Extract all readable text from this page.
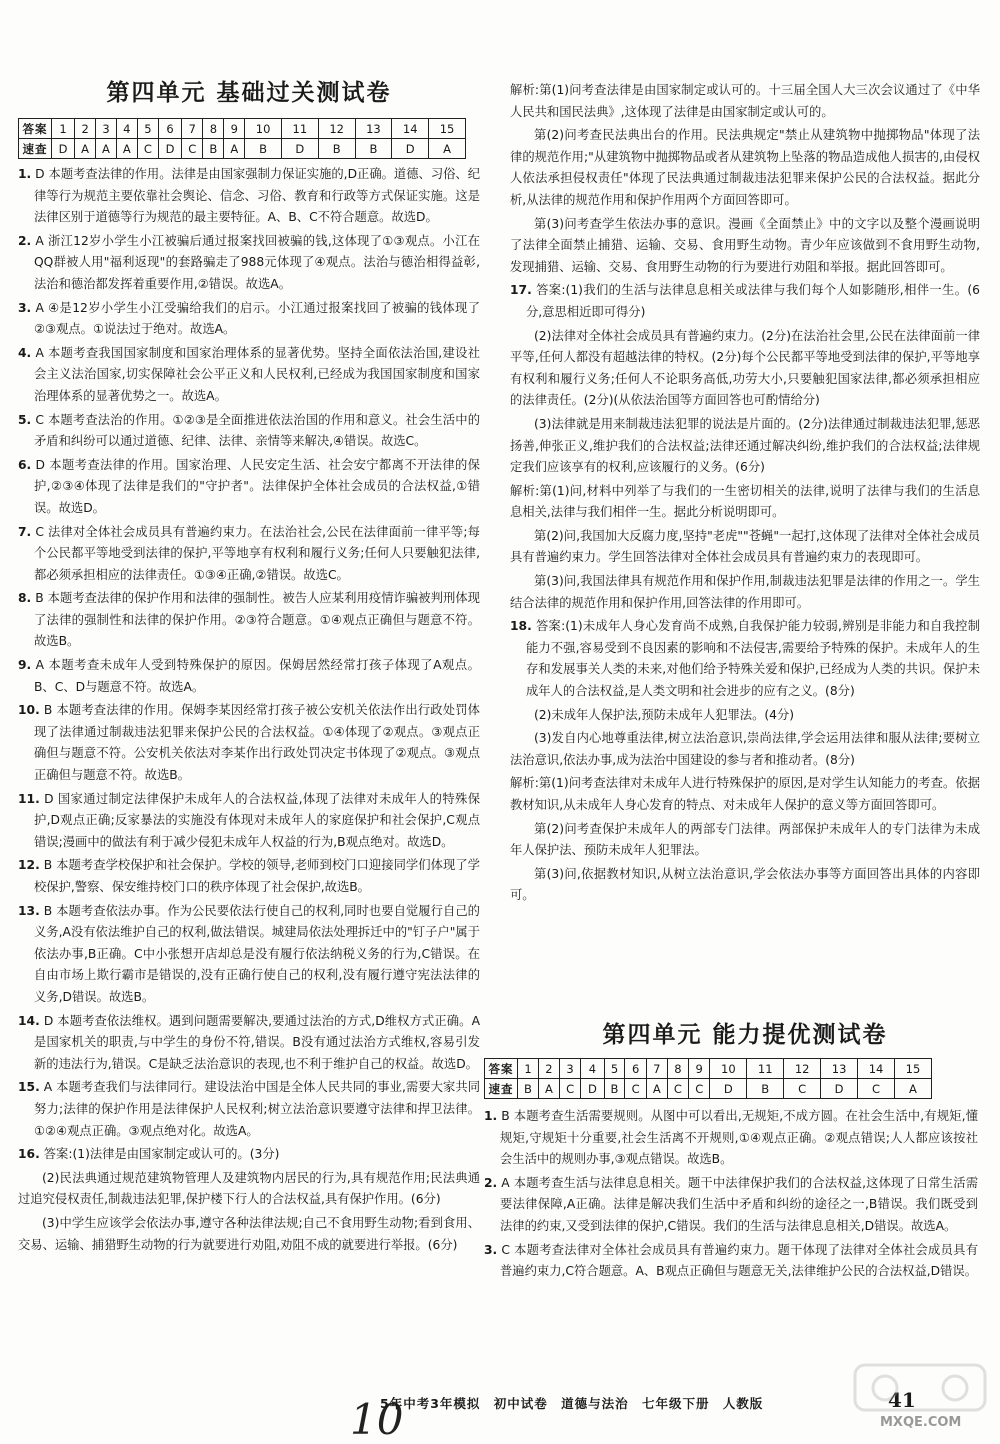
第四单元 基础过关测试卷
答案	1	2	3	4	5	6	7	8	9	10	11	12	13	14	15
速查	D	A	A	A	C	D	C	B	A	B	D	B	B	D	A

1. D 本题考查法律的作用。法律是由国家强制力保证实施的,D正确。道德、习俗、纪律等行为规范主要依靠社会舆论、信念、习俗、教育和行政等方式保证实施。这是法律区别于道德等行为规范的最主要特征。A、B、C不符合题意。故选D。

2. A 浙江12岁小学生小江被骗后通过报案找回被骗的钱,这体现了①③观点。小江在QQ群被人用"福利返现"的套路骗走了988元体现了④观点。法治与德治相得益彰,法治和德治都发挥着重要作用,②错误。故选A。

3. A ④是12岁小学生小江受骗给我们的启示。小江通过报案找回了被骗的钱体现了②③观点。①说法过于绝对。故选A。

4. A 本题考查我国国家制度和国家治理体系的显著优势。坚持全面依法治国,建设社会主义法治国家,切实保障社会公平正义和人民权利,已经成为我国国家制度和国家治理体系的显著优势之一。故选A。

5. C 本题考查法治的作用。①②③是全面推进依法治国的作用和意义。社会生活中的矛盾和纠纷可以通过道德、纪律、法律、亲情等来解决,④错误。故选C。

6. D 本题考查法律的作用。国家治理、人民安定生活、社会安宁都离不开法律的保护,②③④体现了法律是我们的"守护者"。法律保护全体社会成员的合法权益,①错误。故选D。

7. C 法律对全体社会成员具有普遍约束力。在法治社会,公民在法律面前一律平等;每个公民都平等地受到法律的保护,平等地享有权利和履行义务;任何人只要触犯法律,都必须承担相应的法律责任。①③④正确,②错误。故选C。

8. B 本题考查法律的保护作用和法律的强制性。被告人应某利用疫情诈骗被判刑体现了法律的强制性和法律的保护作用。②③符合题意。①④观点正确但与题意不符。故选B。

9. A 本题考查未成年人受到特殊保护的原因。保姆居然经常打孩子体现了A观点。B、C、D与题意不符。故选A。

10. B 本题考查法律的作用。保姆李某因经常打孩子被公安机关依法作出行政处罚体现了法律通过制裁违法犯罪来保护公民的合法权益。①④体现了②观点。③观点正确但与题意不符。公安机关依法对李某作出行政处罚决定书体现了②观点。③观点正确但与题意不符。故选B。

11. D 国家通过制定法律保护未成年人的合法权益,体现了法律对未成年人的特殊保护,D观点正确;反家暴法的实施没有体现对未成年人的家庭保护和社会保护,C观点错误;漫画中的做法有利于减少侵犯未成年人权益的行为,B观点绝对。故选D。

12. B 本题考查学校保护和社会保护。学校的领导,老师到校门口迎接同学们体现了学校保护,警察、保安维持校门口的秩序体现了社会保护,故选B。

13. B 本题考查依法办事。作为公民要依法行使自己的权利,同时也要自觉履行自己的义务,A没有依法维护自己的权利,做法错误。城建局依法处理拆迁中的"钉子户"属于依法办事,B正确。C中小张想开店却总是没有履行依法纳税义务的行为,C错误。在自由市场上欺行霸市是错误的,没有正确行使自己的权利,没有履行遵守宪法法律的义务,D错误。故选B。

14. D 本题考查依法维权。遇到问题需要解决,要通过法治的方式,D维权方式正确。A是国家机关的职责,与中学生的身份不符,错误。B没有通过法治方式维权,容易引发新的违法行为,错误。C是缺乏法治意识的表现,也不利于维护自己的权益。故选D。

15. A 本题考查我们与法律同行。建设法治中国是全体人民共同的事业,需要大家共同努力;法律的保护作用是法律保护人民权利;树立法治意识要遵守法律和捍卫法律。①②④观点正确。③观点绝对化。故选A。

16. 答案:(1)法律是由国家制定或认可的。(3分)

(2)民法典通过规范建筑物管理人及建筑物内居民的行为,具有规范作用;民法典通过追究侵权责任,制裁违法犯罪,保护楼下行人的合法权益,具有保护作用。(6分)

(3)中学生应该学会依法办事,遵守各种法律法规;自己不食用野生动物;看到食用、交易、运输、捕猎野生动物的行为就要进行劝阻,劝阻不成的就要进行举报。(6分)

解析:第(1)问考查法律是由国家制定或认可的。十三届全国人大三次会议通过了《中华人民共和国民法典》,这体现了法律是由国家制定或认可的。

第(2)问考查民法典出台的作用。民法典规定"禁止从建筑物中抛掷物品"体现了法律的规范作用;"从建筑物中抛掷物品或者从建筑物上坠落的物品造成他人损害的,由侵权人依法承担侵权责任"体现了民法典通过制裁违法犯罪来保护公民的合法权益。据此分析,从法律的规范作用和保护作用两个方面回答即可。

第(3)问考查学生依法办事的意识。漫画《全面禁止》中的文字以及整个漫画说明了法律全面禁止捕猎、运输、交易、食用野生动物。青少年应该做到不食用野生动物,发现捕猎、运输、交易、食用野生动物的行为要进行劝阻和举报。据此回答即可。

17. 答案:(1)我们的生活与法律息息相关或法律与我们每个人如影随形,相伴一生。(6分,意思相近即可得分)

(2)法律对全体社会成员具有普遍约束力。(2分)在法治社会里,公民在法律面前一律平等,任何人都没有超越法律的特权。(2分)每个公民都平等地受到法律的保护,平等地享有权利和履行义务;任何人不论职务高低,功劳大小,只要触犯国家法律,都必须承担相应的法律责任。(2分)(从依法治国等方面回答也可酌情给分)

(3)法律就是用来制裁违法犯罪的说法是片面的。(2分)法律通过制裁违法犯罪,惩恶扬善,伸张正义,维护我们的合法权益;法律还通过解决纠纷,维护我们的合法权益;法律规定我们应该享有的权利,应该履行的义务。(6分)

解析:第(1)问,材料中列举了与我们的一生密切相关的法律,说明了法律与我们的生活息息相关,法律与我们相伴一生。据此分析说明即可。

第(2)问,我国加大反腐力度,坚持"老虎""苍蝇"一起打,这体现了法律对全体社会成员具有普遍约束力。学生回答法律对全体社会成员具有普遍约束力的表现即可。

第(3)问,我国法律具有规范作用和保护作用,制裁违法犯罪是法律的作用之一。学生结合法律的规范作用和保护作用,回答法律的作用即可。

18. 答案:(1)未成年人身心发育尚不成熟,自我保护能力较弱,辨别是非能力和自我控制能力不强,容易受到不良因素的影响和不法侵害,需要给予特殊的保护。未成年人的生存和发展事关人类的未来,对他们给予特殊关爱和保护,已经成为人类的共识。保护未成年人的合法权益,是人类文明和社会进步的应有之义。(8分)

(2)未成年人保护法,预防未成年人犯罪法。(4分)

(3)发自内心地尊重法律,树立法治意识,崇尚法律,学会运用法律和服从法律;要树立法治意识,依法办事,成为法治中国建设的参与者和推动者。(8分)

解析:第(1)问考查法律对未成年人进行特殊保护的原因,是对学生认知能力的考查。依据教材知识,从未成年人身心发育的特点、对未成年人保护的意义等方面回答即可。

第(2)问考查保护未成年人的两部专门法律。两部保护未成年人的专门法律为未成年人保护法、预防未成年人犯罪法。

第(3)问,依据教材知识,从树立法治意识,学会依法办事等方面回答出具体的内容即可。

第四单元 能力提优测试卷
答案	1	2	3	4	5	6	7	8	9	10	11	12	13	14	15
速查	B	A	C	D	B	C	A	C	C	D	B	C	D	C	A

1. B 本题考查生活需要规则。从图中可以看出,无规矩,不成方圆。在社会生活中,有规矩,懂规矩,守规矩十分重要,社会生活离不开规则,①④观点正确。②观点错误;人人都应该按社会生活中的规则办事,③观点错误。故选B。

2. A 本题考查生活与法律息息相关。题干中法律保护我们的合法权益,这体现了日常生活需要法律保障,A正确。法律是解决我们生活中矛盾和纠纷的途径之一,B错误。我们既受到法律的约束,又受到法律的保护,C错误。我们的生活与法律息息相关,D错误。故选A。

3. C 本题考查法律对全体社会成员具有普遍约束力。题干体现了法律对全体社会成员具有普遍约束力,C符合题意。A、B观点正确但与题意无关,法律维护公民的合法权益,D错误。

10
5年中考3年模拟 初中试卷 道德与法治 七年级下册 人教版	41
MXQE.COM
